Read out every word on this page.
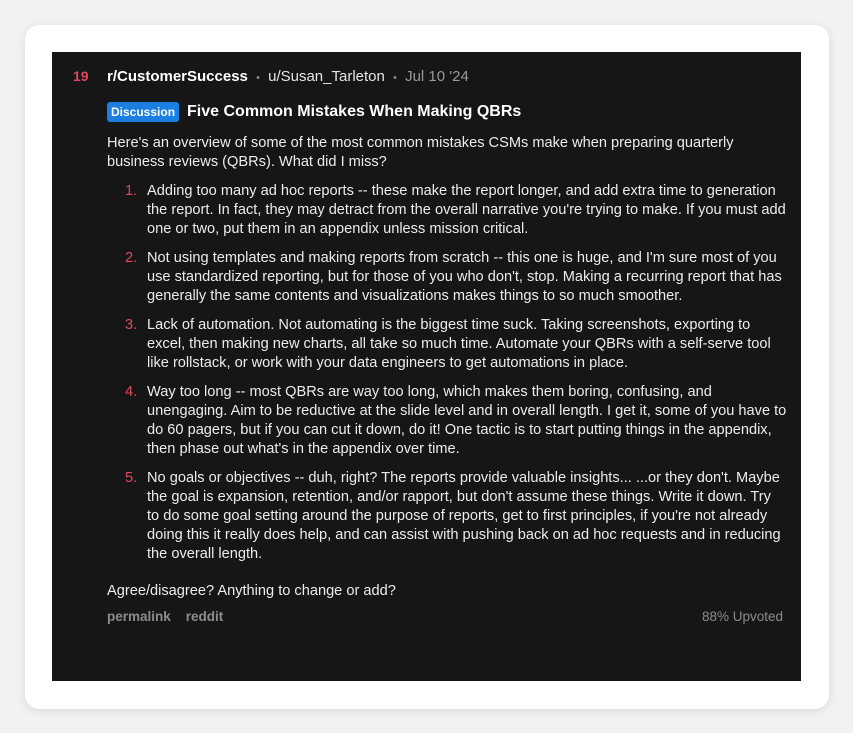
19 r/CustomerSuccess • u/Susan_Tarleton • Jul 10 '24
Discussion Five Common Mistakes When Making QBRs
Here's an overview of some of the most common mistakes CSMs make when preparing quarterly business reviews (QBRs). What did I miss?
1. Adding too many ad hoc reports -- these make the report longer, and add extra time to generation the report. In fact, they may detract from the overall narrative you're trying to make. If you must add one or two, put them in an appendix unless mission critical.
2. Not using templates and making reports from scratch -- this one is huge, and I'm sure most of you use standardized reporting, but for those of you who don't, stop. Making a recurring report that has generally the same contents and visualizations makes things to so much smoother.
3. Lack of automation. Not automating is the biggest time suck. Taking screenshots, exporting to excel, then making new charts, all take so much time. Automate your QBRs with a self-serve tool like rollstack, or work with your data engineers to get automations in place.
4. Way too long -- most QBRs are way too long, which makes them boring, confusing, and unengaging. Aim to be reductive at the slide level and in overall length. I get it, some of you have to do 60 pagers, but if you can cut it down, do it! One tactic is to start putting things in the appendix, then phase out what's in the appendix over time.
5. No goals or objectives -- duh, right? The reports provide valuable insights... ...or they don't. Maybe the goal is expansion, retention, and/or rapport, but don't assume these things. Write it down. Try to do some goal setting around the purpose of reports, get to first principles, if you're not already doing this it really does help, and can assist with pushing back on ad hoc requests and in reducing the overall length.
Agree/disagree? Anything to change or add?
permalink reddit	88% Upvoted
